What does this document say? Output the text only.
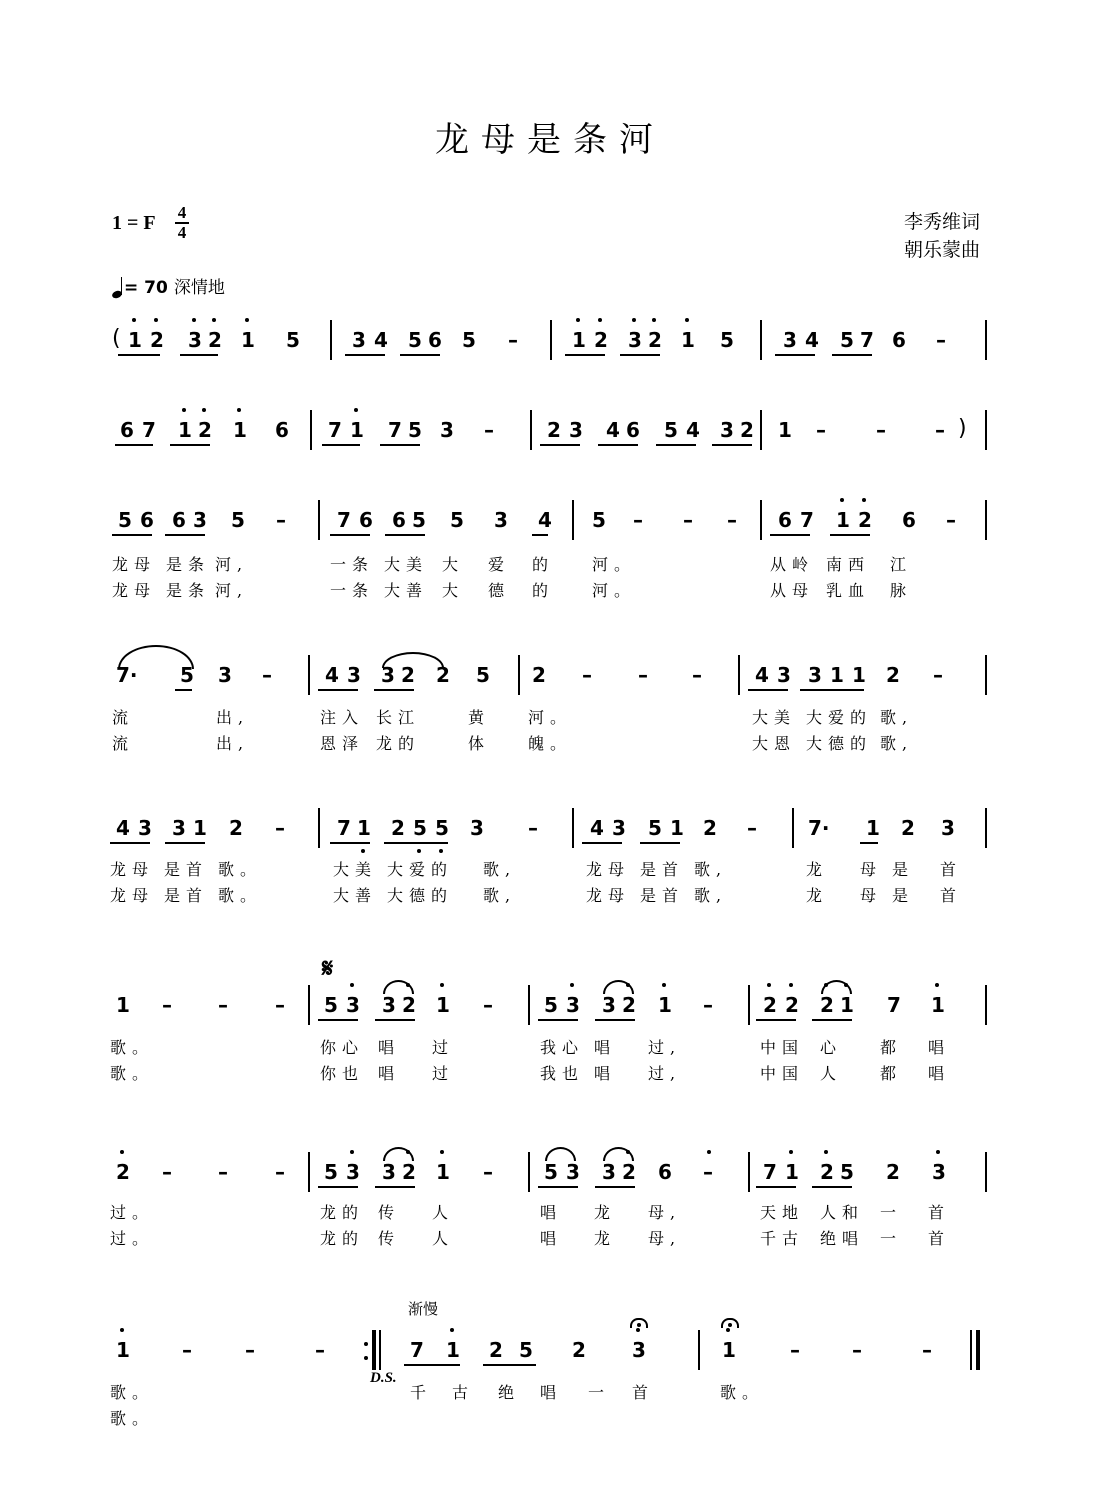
龙母是条河
1 = F 4
4	李秀维词
朝乐蒙曲
= 70 深情地
( 1 2 3 2 1 5	3 4 5 6 5 –	1 2 3 2 1 5 3 4 5 7 6 –
)
6 7 1 2 1 6 7 1 7 5 3 –	2 3 4 6 5 4 3 2 1 –	– –
5 6 6 3 5 –	7 6 6 5 5 3 4 5 – – – 6 7 1 2 6 –
龙母 是条 河,	一条 大美 大 爱 的 河。	从岭 南西 江
龙母 是条 河,	一条 大善 大 德 的 河。	从母 乳血 脉
7· 5 3 –	4 3 3 2 2 5 2 – – –	4 3 3 1 1 2 –
流	出,	注入 长江	黄 河。	大美 大爱的 歌,
流	出,	恩泽 龙的	体 魄。	大恩 大德的 歌,
4 3 3 1 2 –	7 1 2 5 5 3 –	4 3 5 1 2 –	7· 1 2 3
龙母 是首 歌。	大美 大爱的 歌,	龙母 是首 歌,	龙 母 是 首
龙母 是首 歌。	大善 大德的 歌,	龙母 是首 歌,	龙 母 是 首
1 – – – 5 3 3 2 1 –	5 3 3 2 1 –	2 2 2 1 7 1
𝄋
歌。	你心 唱 过	我心 唱 过,	中国 心 都 唱
歌。	你也 唱 过	我也 唱 过,	中国 人 都 唱
2 – – – 5 3 3 2 1 –	5 3 3 2 6 –	7 1 2 5 2 3
过。	龙的 传 人	唱 龙 母,	天地 人和 一 首
过。	龙的 传 人	唱 龙 母,	千古 绝唱 一 首
1	–	–	–	7 1 2 5 2 3	1	–	–	–
渐慢
D.S.
歌。	千 古 绝 唱 一 首	歌。
歌。
